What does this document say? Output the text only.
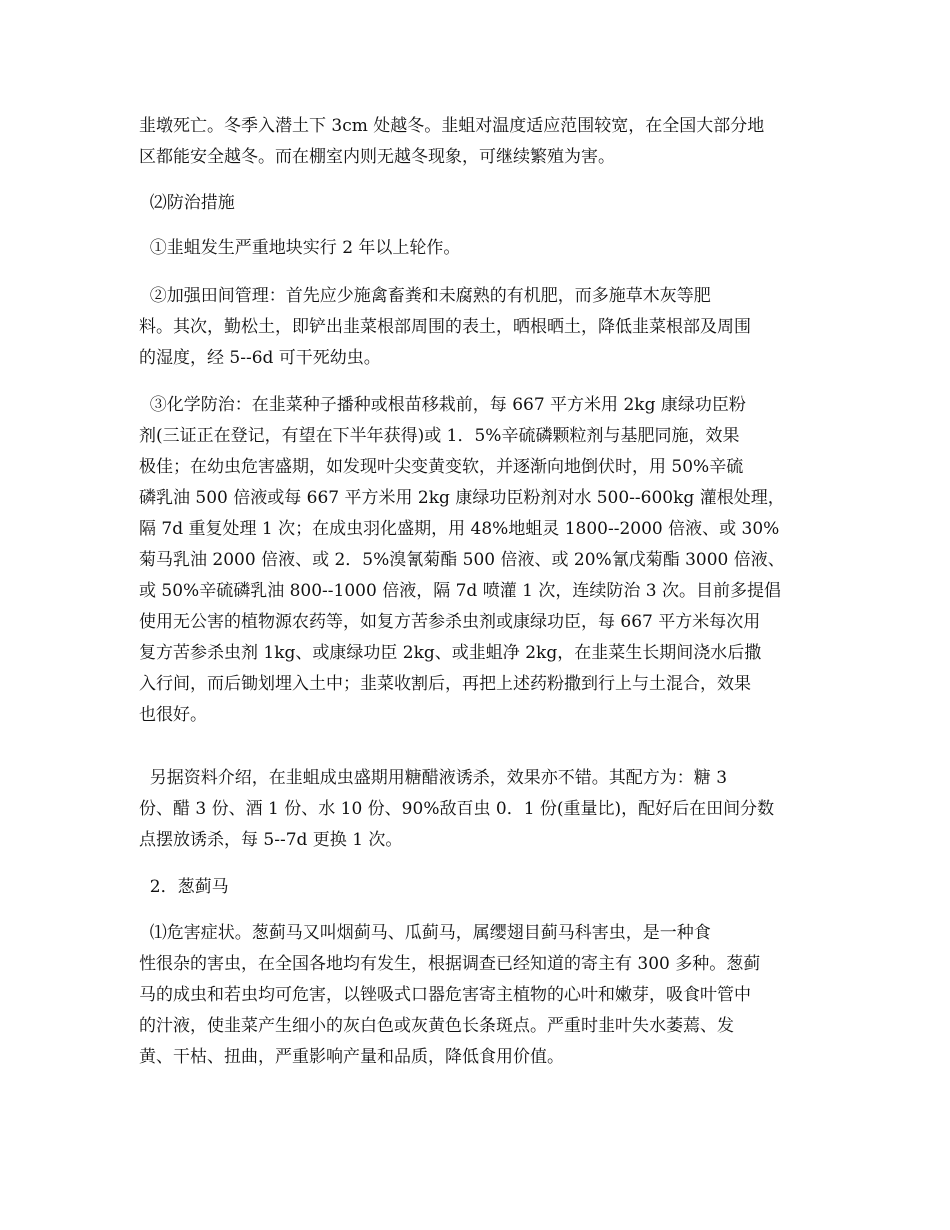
韭墩死亡。冬季入潜土下 3cm 处越冬。韭蛆对温度适应范围较宽，在全国大部分地
区都能安全越冬。而在棚室内则无越冬现象，可继续繁殖为害。
⑵防治措施
①韭蛆发生严重地块实行 2 年以上轮作。
②加强田间管理：首先应少施禽畜粪和未腐熟的有机肥，而多施草木灰等肥
料。其次，勤松土，即铲出韭菜根部周围的表土，晒根晒土，降低韭菜根部及周围
的湿度，经 5--6d 可干死幼虫。
③化学防治：在韭菜种子播种或根苗移栽前，每 667 平方米用 2kg 康绿功臣粉
剂(三证正在登记，有望在下半年获得)或 1．5%辛硫磷颗粒剂与基肥同施，效果
极佳；在幼虫危害盛期，如发现叶尖变黄变软，并逐渐向地倒伏时，用 50%辛硫
磷乳油 500 倍液或每 667 平方米用 2kg 康绿功臣粉剂对水 500--600kg 灌根处理，
隔 7d 重复处理 1 次；在成虫羽化盛期，用 48%地蛆灵 1800--2000 倍液、或 30%
菊马乳油 2000 倍液、或 2．5%溴氰菊酯 500 倍液、或 20%氰戊菊酯 3000 倍液、
或 50%辛硫磷乳油 800--1000 倍液，隔 7d 喷灌 1 次，连续防治 3 次。目前多提倡
使用无公害的植物源农药等，如复方苦参杀虫剂或康绿功臣，每 667 平方米每次用
复方苦参杀虫剂 1kg、或康绿功臣 2kg、或韭蛆净 2kg，在韭菜生长期间浇水后撒
入行间，而后锄划埋入土中；韭菜收割后，再把上述药粉撒到行上与土混合，效果
也很好。
另据资料介绍，在韭蛆成虫盛期用糖醋液诱杀，效果亦不错。其配方为：糖 3
份、醋 3 份、酒 1 份、水 10 份、90%敌百虫 0．1 份(重量比)，配好后在田间分数
点摆放诱杀，每 5--7d 更换 1 次。
2．葱蓟马
⑴危害症状。葱蓟马又叫烟蓟马、瓜蓟马，属缨翅目蓟马科害虫，是一种食
性很杂的害虫，在全国各地均有发生，根据调查已经知道的寄主有 300 多种。葱蓟
马的成虫和若虫均可危害，以锉吸式口器危害寄主植物的心叶和嫩芽，吸食叶管中
的汁液，使韭菜产生细小的灰白色或灰黄色长条斑点。严重时韭叶失水萎蔫、发
黄、干枯、扭曲，严重影响产量和品质，降低食用价值。
